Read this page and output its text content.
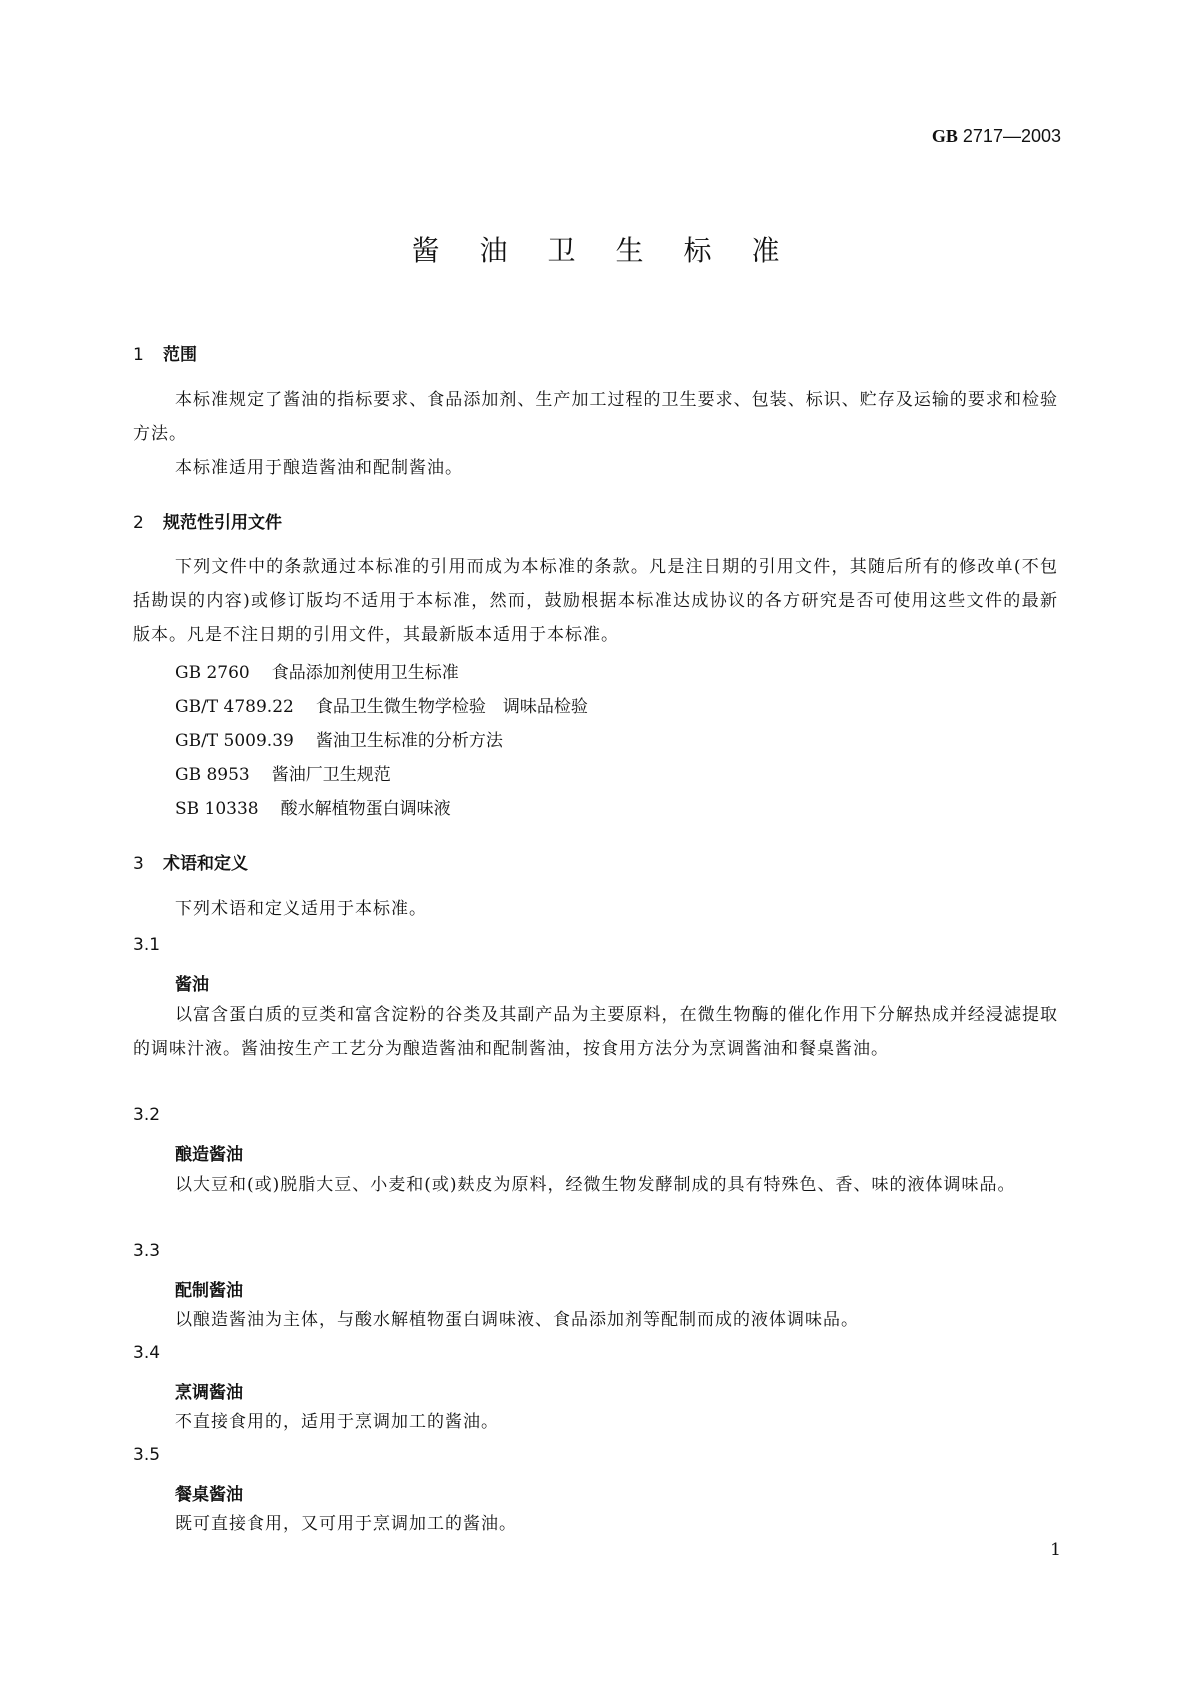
GB 2717—2003
酱油卫生标准
1 范围
本标准规定了酱油的指标要求、食品添加剂、生产加工过程的卫生要求、包装、标识、贮存及运输的要求和检验方法。
本标准适用于酿造酱油和配制酱油。
2 规范性引用文件
下列文件中的条款通过本标准的引用而成为本标准的条款。凡是注日期的引用文件，其随后所有的修改单(不包括勘误的内容)或修订版均不适用于本标准，然而，鼓励根据本标准达成协议的各方研究是否可使用这些文件的最新版本。凡是不注日期的引用文件，其最新版本适用于本标准。
GB 2760 食品添加剂使用卫生标准
GB/T 4789.22 食品卫生微生物学检验　调味品检验
GB/T 5009.39 酱油卫生标准的分析方法
GB 8953 酱油厂卫生规范
SB 10338 酸水解植物蛋白调味液
3 术语和定义
下列术语和定义适用于本标准。
3.1
酱油
以富含蛋白质的豆类和富含淀粉的谷类及其副产品为主要原料，在微生物酶的催化作用下分解热成并经浸滤提取的调味汁液。酱油按生产工艺分为酿造酱油和配制酱油，按食用方法分为烹调酱油和餐桌酱油。
3.2
酿造酱油
以大豆和(或)脱脂大豆、小麦和(或)麸皮为原料，经微生物发酵制成的具有特殊色、香、味的液体调味品。
3.3
配制酱油
以酿造酱油为主体，与酸水解植物蛋白调味液、食品添加剂等配制而成的液体调味品。
3.4
烹调酱油
不直接食用的，适用于烹调加工的酱油。
3.5
餐桌酱油
既可直接食用，又可用于烹调加工的酱油。
1
